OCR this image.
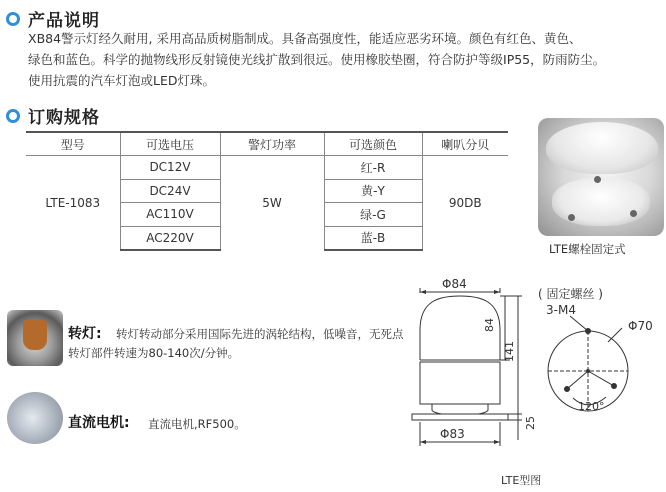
产品说明

XB84警示灯经久耐用, 采用高品质树脂制成。具备高强度性，能适应恶劣环境。颜色有红色、黄色、

绿色和蓝色。科学的抛物线形反射镜使光线扩散到很远。使用橡胶垫圈，符合防护等级IP55，防雨防尘。

使用抗震的汽车灯泡或LED灯珠。

订购规格
型号	可选电压	警灯功率	可选颜色	喇叭分贝
LTE-1083	DC12V	5W	红-R	90DB
	DC24V		黄-Y	
	AC110V		绿-G	
	AC220V		蓝-B	
LTE螺栓固定式
转灯: 转灯转动部分采用国际先进的涡轮结构，低噪音，无死点
转灯部件转速为80-140次/分钟。
直流电机: 直流电机,RF500。
Φ84
Φ83
84
141
25
( 固定螺丝 )
3-M4
Φ70
120°
LTE型图
